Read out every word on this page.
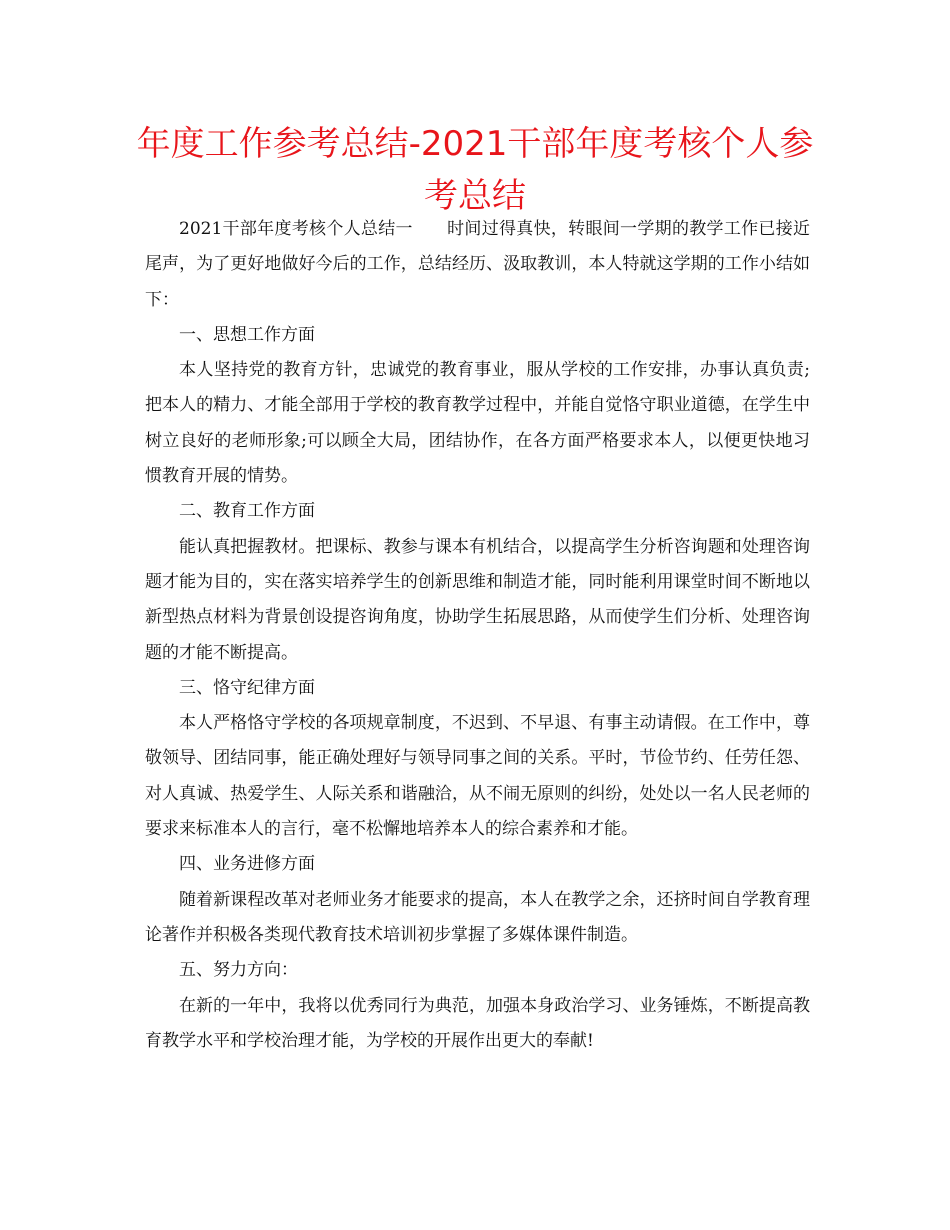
年度工作参考总结-2021干部年度考核个人参考总结

2021干部年度考核个人总结一 时间过得真快，转眼间一学期的教学工作已接近尾声，为了更好地做好今后的工作，总结经历、汲取教训，本人特就这学期的工作小结如下：

一、思想工作方面

本人坚持党的教育方针，忠诚党的教育事业，服从学校的工作安排，办事认真负责;把本人的精力、才能全部用于学校的教育教学过程中，并能自觉恪守职业道德，在学生中树立良好的老师形象;可以顾全大局，团结协作，在各方面严格要求本人，以便更快地习惯教育开展的情势。

二、教育工作方面

能认真把握教材。把课标、教参与课本有机结合，以提高学生分析咨询题和处理咨询题才能为目的，实在落实培养学生的创新思维和制造才能，同时能利用课堂时间不断地以新型热点材料为背景创设提咨询角度，协助学生拓展思路，从而使学生们分析、处理咨询题的才能不断提高。

三、恪守纪律方面

本人严格恪守学校的各项规章制度，不迟到、不早退、有事主动请假。在工作中，尊敬领导、团结同事，能正确处理好与领导同事之间的关系。平时，节俭节约、任劳任怨、对人真诚、热爱学生、人际关系和谐融洽，从不闹无原则的纠纷，处处以一名人民老师的要求来标准本人的言行，毫不松懈地培养本人的综合素养和才能。

四、业务进修方面

随着新课程改革对老师业务才能要求的提高，本人在教学之余，还挤时间自学教育理论著作并积极各类现代教育技术培训初步掌握了多媒体课件制造。

五、努力方向：

在新的一年中，我将以优秀同行为典范，加强本身政治学习、业务锤炼，不断提高教育教学水平和学校治理才能，为学校的开展作出更大的奉献!
